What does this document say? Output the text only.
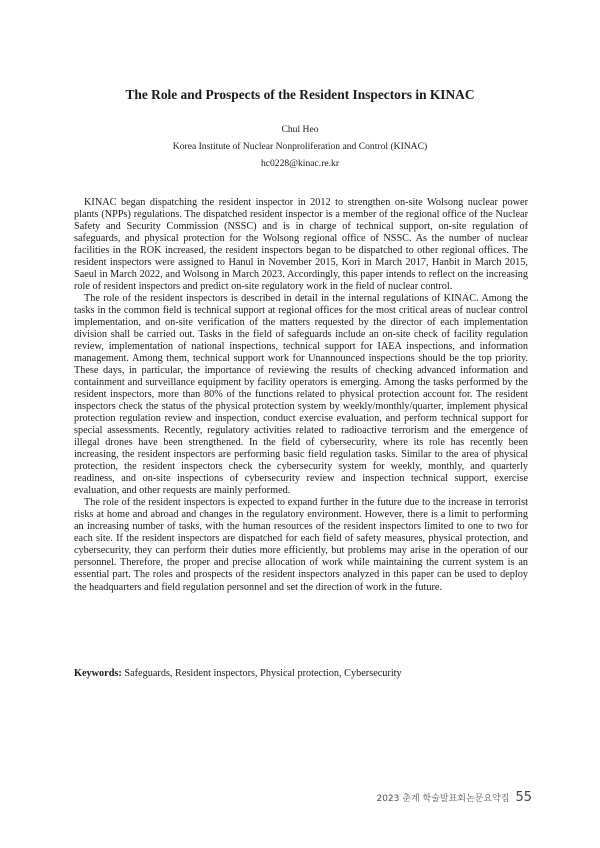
The Role and Prospects of the Resident Inspectors in KINAC
Chul Heo
Korea Institute of Nuclear Nonproliferation and Control (KINAC)
hc0228@kinac.re.kr

KINAC began dispatching the resident inspector in 2012 to strengthen on-site Wolsong nuclear power plants (NPPs) regulations. The dispatched resident inspector is a member of the regional office of the Nuclear Safety and Security Commission (NSSC) and is in charge of technical support, on-site regulation of safeguards, and physical protection for the Wolsong regional office of NSSC. As the number of nuclear facilities in the ROK increased, the resident inspectors began to be dispatched to other regional offices. The resident inspectors were assigned to Hanul in November 2015, Kori in March 2017, Hanbit in March 2015, Saeul in March 2022, and Wolsong in March 2023. Accordingly, this paper intends to reflect on the increasing role of resident inspectors and predict on-site regulatory work in the field of nuclear control.

The role of the resident inspectors is described in detail in the internal regulations of KINAC. Among the tasks in the common field is technical support at regional offices for the most critical areas of nuclear control implementation, and on-site verification of the matters requested by the director of each implementation division shall be carried out. Tasks in the field of safeguards include an on-site check of facility regulation review, implementation of national inspections, technical support for IAEA inspections, and information management. Among them, technical support work for Unannounced inspections should be the top priority. These days, in particular, the importance of reviewing the results of checking advanced information and containment and surveillance equipment by facility operators is emerging. Among the tasks performed by the resident inspectors, more than 80% of the functions related to physical protection account for. The resident inspectors check the status of the physical protection system by weekly/monthly/quarter, implement physical protection regulation review and inspection, conduct exercise evaluation, and perform technical support for special assessments. Recently, regulatory activities related to radioactive terrorism and the emergence of illegal drones have been strengthened. In the field of cybersecurity, where its role has recently been increasing, the resident inspectors are performing basic field regulation tasks. Similar to the area of physical protection, the resident inspectors check the cybersecurity system for weekly, monthly, and quarterly readiness, and on-site inspections of cybersecurity review and inspection technical support, exercise evaluation, and other requests are mainly performed.

The role of the resident inspectors is expected to expand further in the future due to the increase in terrorist risks at home and abroad and changes in the regulatory environment. However, there is a limit to performing an increasing number of tasks, with the human resources of the resident inspectors limited to one to two for each site. If the resident inspectors are dispatched for each field of safety measures, physical protection, and cybersecurity, they can perform their duties more efficiently, but problems may arise in the operation of our personnel. Therefore, the proper and precise allocation of work while maintaining the current system is an essential part. The roles and prospects of the resident inspectors analyzed in this paper can be used to deploy the headquarters and field regulation personnel and set the direction of work in the future.

Keywords: Safeguards, Resident inspectors, Physical protection, Cybersecurity
2023 춘계 학술발표회논문요약집 55
